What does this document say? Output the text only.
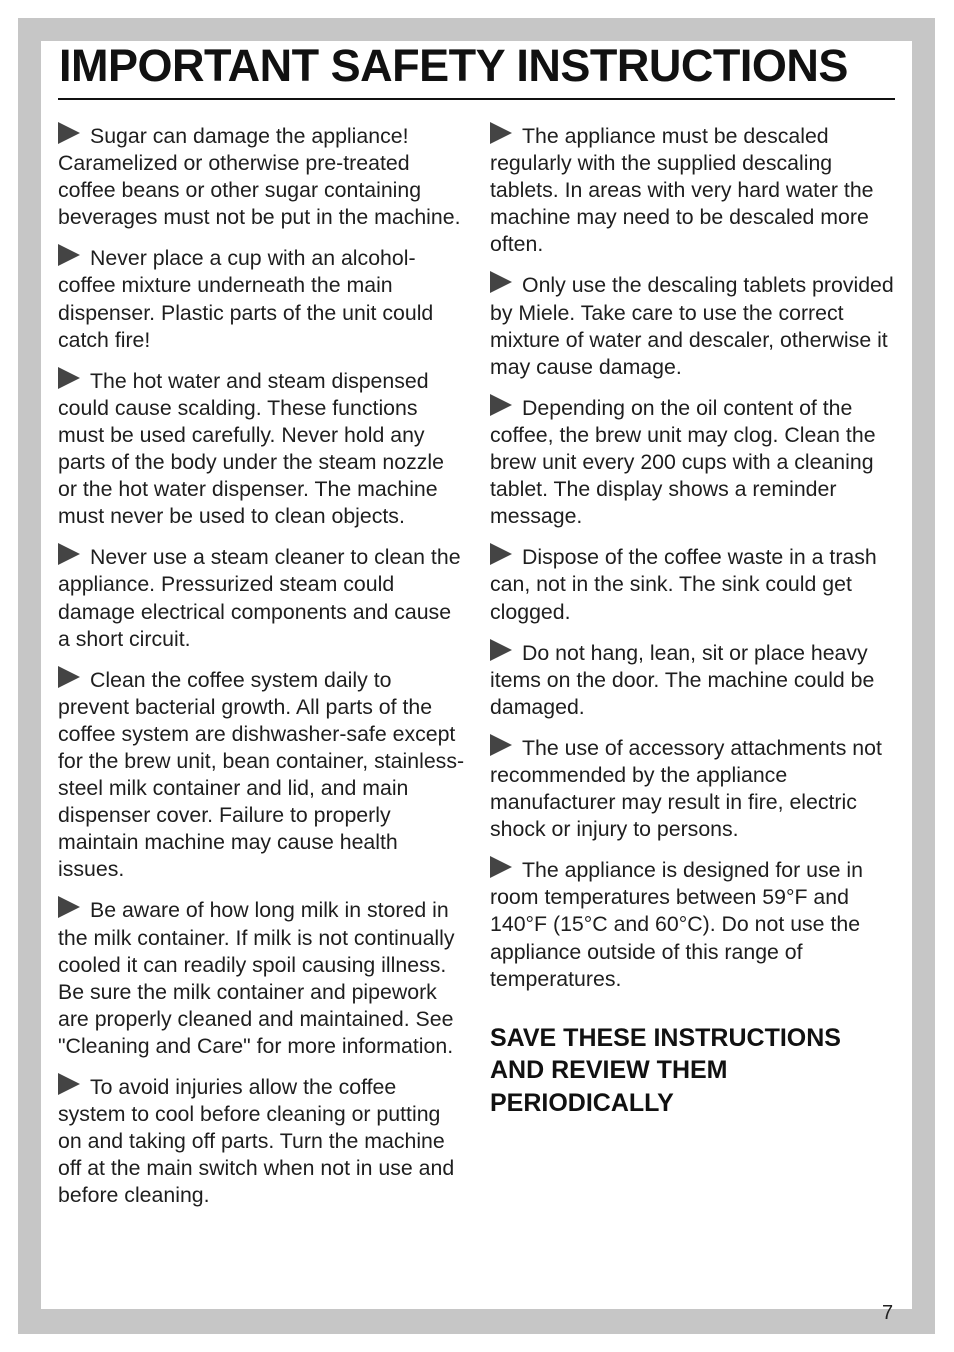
IMPORTANT SAFETY INSTRUCTIONS

Sugar can damage the appliance! Caramelized or otherwise pre-treated coffee beans or other sugar containing beverages must not be put in the machine.

Never place a cup with an alcohol-coffee mixture underneath the main dispenser. Plastic parts of the unit could catch fire!

The hot water and steam dispensed could cause scalding. These functions must be used carefully. Never hold any parts of the body under the steam nozzle or the hot water dispenser. The machine must never be used to clean objects.

Never use a steam cleaner to clean the appliance. Pressurized steam could damage electrical components and cause a short circuit.

Clean the coffee system daily to prevent bacterial growth. All parts of the coffee system are dishwasher-safe except for the brew unit, bean container, stainless-steel milk container and lid, and main dispenser cover. Failure to properly maintain machine may cause health issues.

Be aware of how long milk in stored in the milk container. If milk is not continually cooled it can readily spoil causing illness. Be sure the milk container and pipework are properly cleaned and maintained. See "Cleaning and Care" for more information.

To avoid injuries allow the coffee system to cool before cleaning or putting on and taking off parts. Turn the machine off at the main switch when not in use and before cleaning.

The appliance must be descaled regularly with the supplied descaling tablets. In areas with very hard water the machine may need to be descaled more often.

Only use the descaling tablets provided by Miele. Take care to use the correct mixture of water and descaler, otherwise it may cause damage.

Depending on the oil content of the coffee, the brew unit may clog. Clean the brew unit every 200 cups with a cleaning tablet. The display shows a reminder message.

Dispose of the coffee waste in a trash can, not in the sink. The sink could get clogged.

Do not hang, lean, sit or place heavy items on the door. The machine could be damaged.

The use of accessory attachments not recommended by the appliance manufacturer may result in fire, electric shock or injury to persons.

The appliance is designed for use in room temperatures between 59°F and 140°F (15°C and 60°C). Do not use the appliance outside of this range of temperatures.

SAVE THESE INSTRUCTIONS AND REVIEW THEM PERIODICALLY

7
